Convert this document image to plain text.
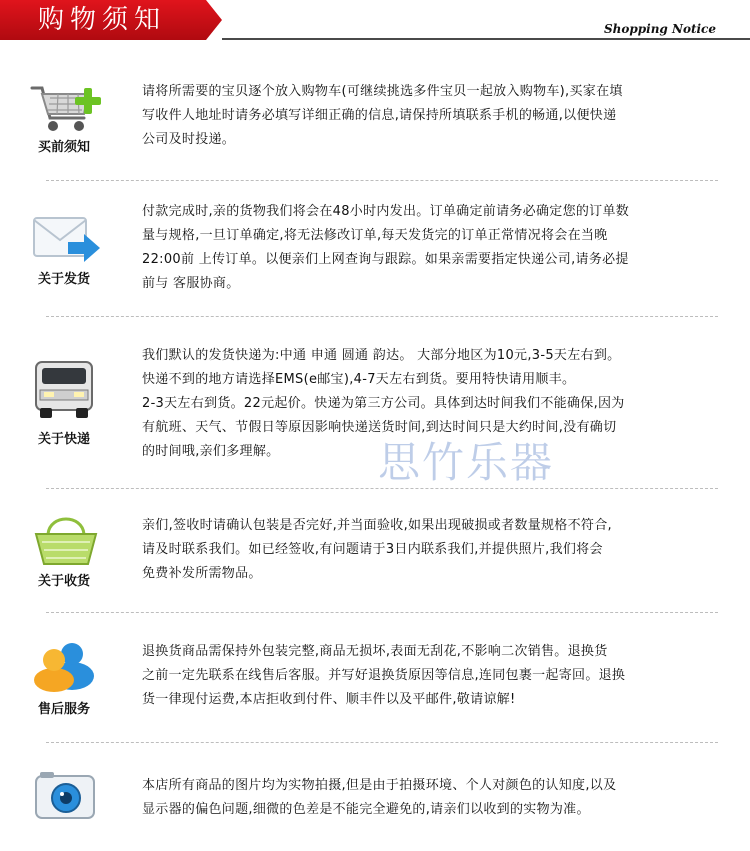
购物须知	Shopping Notice
买前须知
请将所需要的宝贝逐个放入购物车(可继续挑选多件宝贝一起放入购物车),买家在填
写收件人地址时请务必填写详细正确的信息,请保持所填联系手机的畅通,以便快递
公司及时投递。
关于发货
付款完成时,亲的货物我们将会在48小时内发出。订单确定前请务必确定您的订单数
量与规格,一旦订单确定,将无法修改订单,每天发货完的订单正常情况将会在当晚
22:00前 上传订单。以便亲们上网查询与跟踪。如果亲需要指定快递公司,请务必提
前与 客服协商。
关于快递
我们默认的发货快递为:中通 申通 圆通 韵达。 大部分地区为10元,3-5天左右到。
快递不到的地方请选择EMS(e邮宝),4-7天左右到货。要用特快请用顺丰。
2-3天左右到货。22元起价。快递为第三方公司。具体到达时间我们不能确保,因为
有航班、天气、节假日等原因影响快递送货时间,到达时间只是大约时间,没有确切
的时间哦,亲们多理解。	思竹乐器
关于收货
亲们,签收时请确认包装是否完好,并当面验收,如果出现破损或者数量规格不符合,
请及时联系我们。如已经签收,有问题请于3日内联系我们,并提供照片,我们将会
免费补发所需物品。
售后服务
退换货商品需保持外包装完整,商品无损坏,表面无刮花,不影响二次销售。退换货
之前一定先联系在线售后客服。并写好退换货原因等信息,连同包裹一起寄回。退换
货一律现付运费,本店拒收到付件、顺丰件以及平邮件,敬请谅解!
本店所有商品的图片均为实物拍摄,但是由于拍摄环境、个人对颜色的认知度,以及
显示器的偏色问题,细微的色差是不能完全避免的,请亲们以收到的实物为准。
